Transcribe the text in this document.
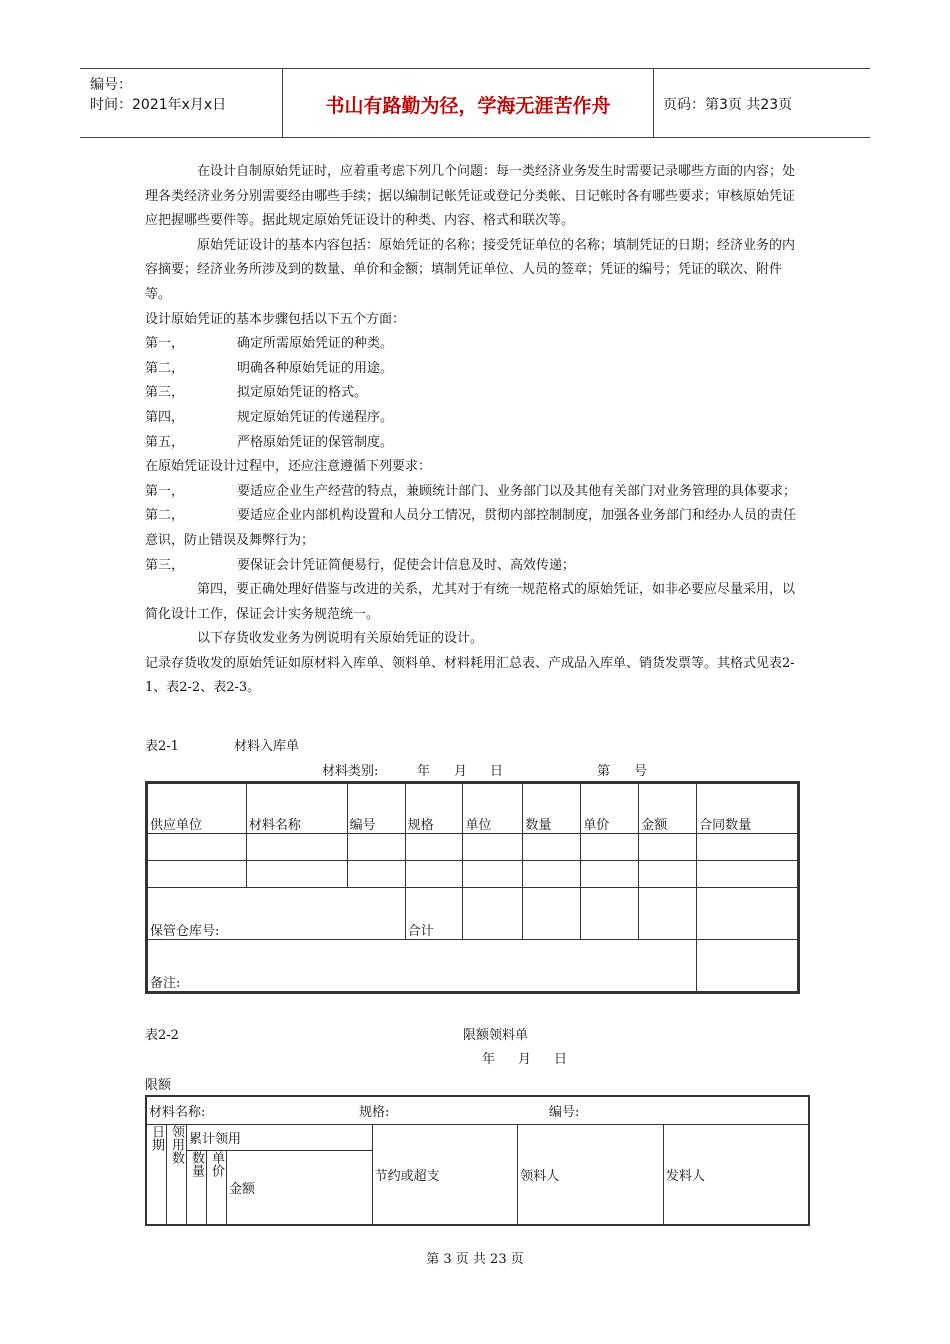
编号：
时间：2021年x月x日	书山有路勤为径，学海无涯苦作舟	页码：第3页 共23页

在设计自制原始凭证时，应着重考虑下列几个问题：每一类经济业务发生时需要记录哪些方面的内容；处理各类经济业务分别需要经由哪些手续；据以编制记帐凭证或登记分类帐、日记帐时各有哪些要求；审核原始凭证应把握哪些要件等。据此规定原始凭证设计的种类、内容、格式和联次等。

原始凭证设计的基本内容包括：原始凭证的名称；接受凭证单位的名称；填制凭证的日期；经济业务的内容摘要；经济业务所涉及到的数量、单价和金额；填制凭证单位、人员的签章；凭证的编号；凭证的联次、附件等。

设计原始凭证的基本步骤包括以下五个方面：

第一，	确定所需原始凭证的种类。
第二，	明确各种原始凭证的用途。
第三，	拟定原始凭证的格式。
第四，	规定原始凭证的传递程序。
第五，	严格原始凭证的保管制度。

在原始凭证设计过程中，还应注意遵循下列要求：

第一，	要适应企业生产经营的特点，兼顾统计部门、业务部门以及其他有关部门对业务管理的具体要求；
第二，	要适应企业内部机构设置和人员分工情况，贯彻内部控制制度，加强各业务部门和经办人员的责任意识，防止错误及舞弊行为；
第三，	要保证会计凭证简便易行，促使会计信息及时、高效传递；

第四，要正确处理好借鉴与改进的关系，尤其对于有统一规范格式的原始凭证，如非必要应尽量采用，以简化设计工作，保证会计实务规范统一。

以下存货收发业务为例说明有关原始凭证的设计。

记录存货收发的原始凭证如原材料入库单、领料单、材料耗用汇总表、产成品入库单、销货发票等。其格式见表2-1、表2-2、表2-3。

表2-1	材料入库单
材料类别:	年 月 日	第 号
供应单位	材料名称	编号	规格	单位	数量	单价	金额	合同数量

保管仓库号:			合计					
备注:								
表2-2	限额领料单
年 月 日
限额
材料名称: 规格: 编号:							
日期	领用数	累计领用			节约或超支	领料人	发料人
		数量	单价	金额			
第 3 页 共 23 页
